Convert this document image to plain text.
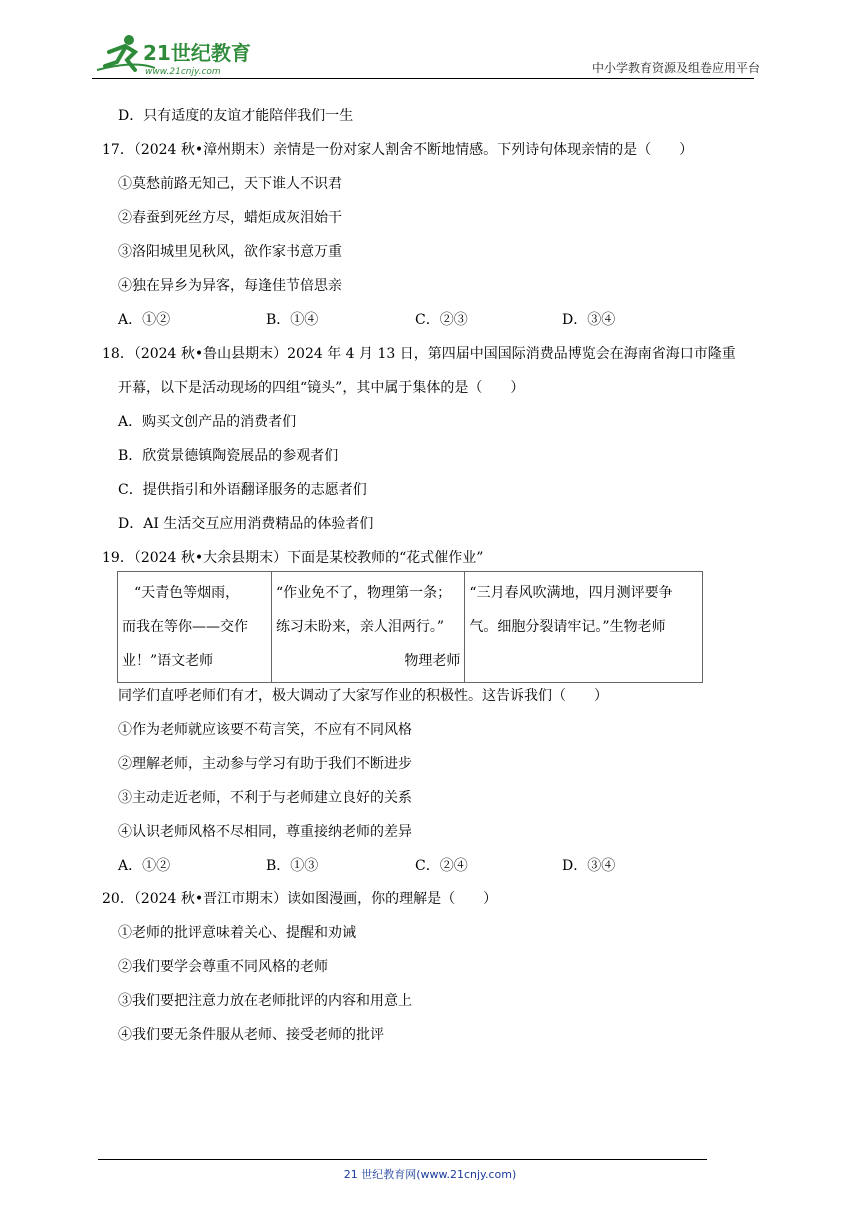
21世纪教育
www.21cnjy.com	中小学教育资源及组卷应用平台
D．只有适度的友谊才能陪伴我们一生
17．（2024 秋•漳州期末）亲情是一份对家人割舍不断地情感。下列诗句体现亲情的是（　　）
①莫愁前路无知己，天下谁人不识君
②春蚕到死丝方尽，蜡炬成灰泪始干
③洛阳城里见秋风，欲作家书意万重
④独在异乡为异客，每逢佳节倍思亲
A．①②	B．①④	C．②③	D．③④
18．（2024 秋•鲁山县期末）2024 年 4 月 13 日，第四届中国国际消费品博览会在海南省海口市隆重
开幕，以下是活动现场的四组“镜头”，其中属于集体的是（　　）
A．购买文创产品的消费者们
B．欣赏景德镇陶瓷展品的参观者们
C．提供指引和外语翻译服务的志愿者们
D．AI 生活交互应用消费精品的体验者们
19．（2024 秋•大余县期末）下面是某校教师的“花式催作业”
“天青色等烟雨，
而我在等你——交作
业！”语文老师

“作业免不了，物理第一条；
练习未盼来，亲人泪两行。”
物理老师

“三月春风吹满地，四月测评要争
气。细胞分裂请牢记。”生物老师
同学们直呼老师们有才，极大调动了大家写作业的积极性。这告诉我们（　　）
①作为老师就应该要不苟言笑，不应有不同风格
②理解老师，主动参与学习有助于我们不断进步
③主动走近老师，不利于与老师建立良好的关系
④认识老师风格不尽相同，尊重接纳老师的差异
A．①②	B．①③	C．②④	D．③④
20．（2024 秋•晋江市期末）读如图漫画，你的理解是（　　）
①老师的批评意味着关心、提醒和劝诫
②我们要学会尊重不同风格的老师
③我们要把注意力放在老师批评的内容和用意上
④我们要无条件服从老师、接受老师的批评
21 世纪教育网(www.21cnjy.com)
